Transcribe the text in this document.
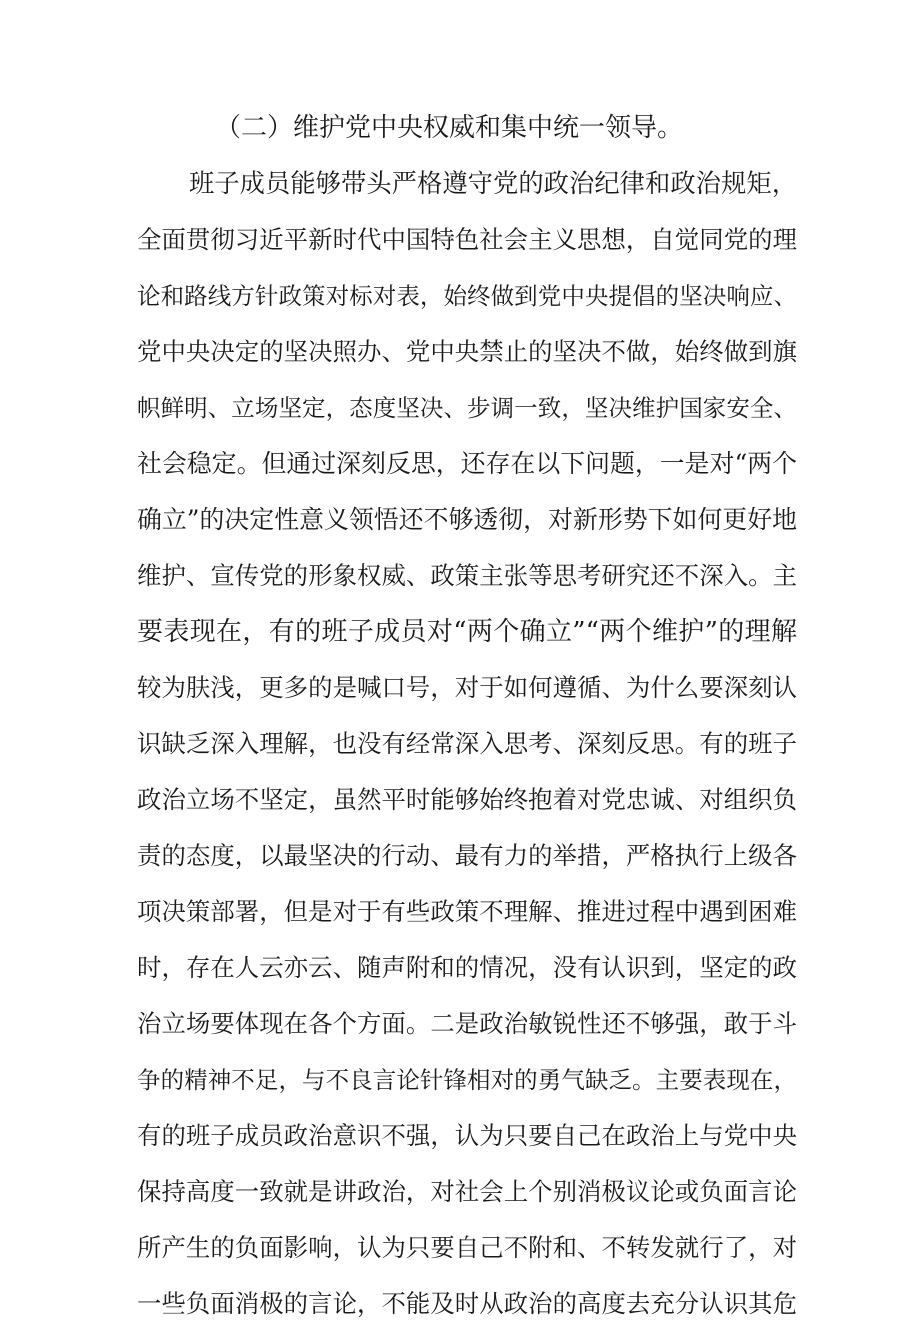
（二）维护党中央权威和集中统一领导。
班子成员能够带头严格遵守党的政治纪律和政治规矩，
全面贯彻习近平新时代中国特色社会主义思想，自觉同党的理
论和路线方针政策对标对表，始终做到党中央提倡的坚决响应、
党中央决定的坚决照办、党中央禁止的坚决不做，始终做到旗
帜鲜明、立场坚定，态度坚决、步调一致，坚决维护国家安全、
社会稳定。但通过深刻反思，还存在以下问题，一是对“两个
确立”的决定性意义领悟还不够透彻，对新形势下如何更好地
维护、宣传党的形象权威、政策主张等思考研究还不深入。主
要表现在，有的班子成员对“两个确立”“两个维护”的理解
较为肤浅，更多的是喊口号，对于如何遵循、为什么要深刻认
识缺乏深入理解，也没有经常深入思考、深刻反思。有的班子
政治立场不坚定，虽然平时能够始终抱着对党忠诚、对组织负
责的态度，以最坚决的行动、最有力的举措，严格执行上级各
项决策部署，但是对于有些政策不理解、推进过程中遇到困难
时，存在人云亦云、随声附和的情况，没有认识到，坚定的政
治立场要体现在各个方面。二是政治敏锐性还不够强，敢于斗
争的精神不足，与不良言论针锋相对的勇气缺乏。主要表现在，
有的班子成员政治意识不强，认为只要自己在政治上与党中央
保持高度一致就是讲政治，对社会上个别消极议论或负面言论
所产生的负面影响，认为只要自己不附和、不转发就行了，对
一些负面消极的言论，不能及时从政治的高度去充分认识其危
